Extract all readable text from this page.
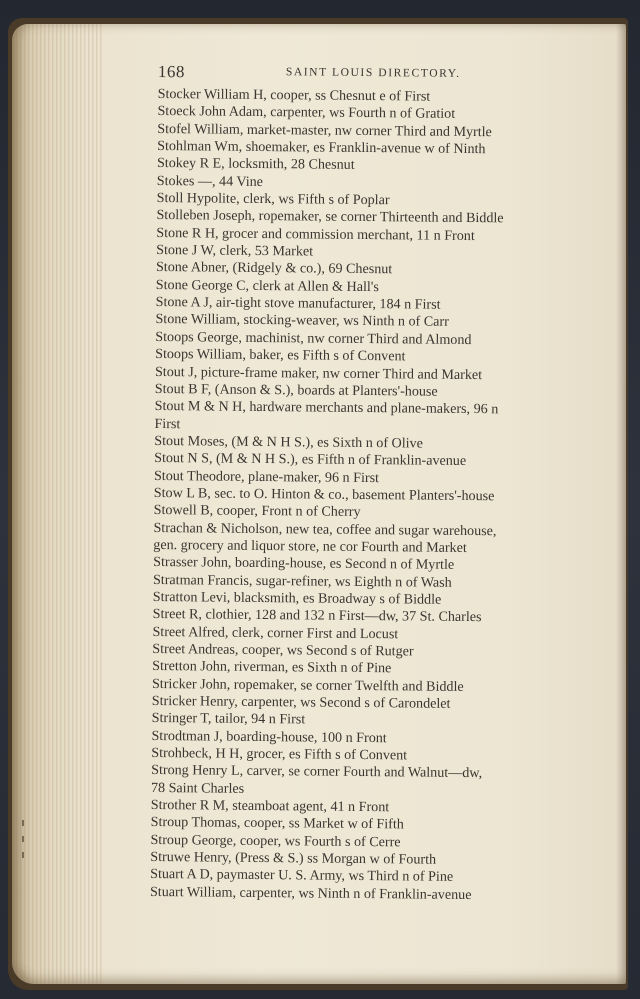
168	SAINT LOUIS DIRECTORY.
Stocker William H, cooper, ss Chesnut e of First
Stoeck John Adam, carpenter, ws Fourth n of Gratiot
Stofel William, market-master, nw corner Third and Myrtle
Stohlman Wm, shoemaker, es Franklin-avenue w of Ninth
Stokey R E, locksmith, 28 Chesnut
Stokes —, 44 Vine
Stoll Hypolite, clerk, ws Fifth s of Poplar
Stolleben Joseph, ropemaker, se corner Thirteenth and Biddle
Stone R H, grocer and commission merchant, 11 n Front
Stone J W, clerk, 53 Market
Stone Abner, (Ridgely & co.), 69 Chesnut
Stone George C, clerk at Allen & Hall's
Stone A J, air-tight stove manufacturer, 184 n First
Stone William, stocking-weaver, ws Ninth n of Carr
Stoops George, machinist, nw corner Third and Almond
Stoops William, baker, es Fifth s of Convent
Stout J, picture-frame maker, nw corner Third and Market
Stout B F, (Anson & S.), boards at Planters'-house
Stout M & N H, hardware merchants and plane-makers, 96 n
First
Stout Moses, (M & N H S.), es Sixth n of Olive
Stout N S, (M & N H S.), es Fifth n of Franklin-avenue
Stout Theodore, plane-maker, 96 n First
Stow L B, sec. to O. Hinton & co., basement Planters'-house
Stowell B, cooper, Front n of Cherry
Strachan & Nicholson, new tea, coffee and sugar warehouse,
gen. grocery and liquor store, ne cor Fourth and Market
Strasser John, boarding-house, es Second n of Myrtle
Stratman Francis, sugar-refiner, ws Eighth n of Wash
Stratton Levi, blacksmith, es Broadway s of Biddle
Street R, clothier, 128 and 132 n First—dw, 37 St. Charles
Street Alfred, clerk, corner First and Locust
Street Andreas, cooper, ws Second s of Rutger
Stretton John, riverman, es Sixth n of Pine
Stricker John, ropemaker, se corner Twelfth and Biddle
Stricker Henry, carpenter, ws Second s of Carondelet
Stringer T, tailor, 94 n First
Strodtman J, boarding-house, 100 n Front
Strohbeck, H H, grocer, es Fifth s of Convent
Strong Henry L, carver, se corner Fourth and Walnut—dw,
78 Saint Charles
Strother R M, steamboat agent, 41 n Front
Stroup Thomas, cooper, ss Market w of Fifth
Stroup George, cooper, ws Fourth s of Cerre
Struwe Henry, (Press & S.) ss Morgan w of Fourth
Stuart A D, paymaster U. S. Army, ws Third n of Pine
Stuart William, carpenter, ws Ninth n of Franklin-avenue
